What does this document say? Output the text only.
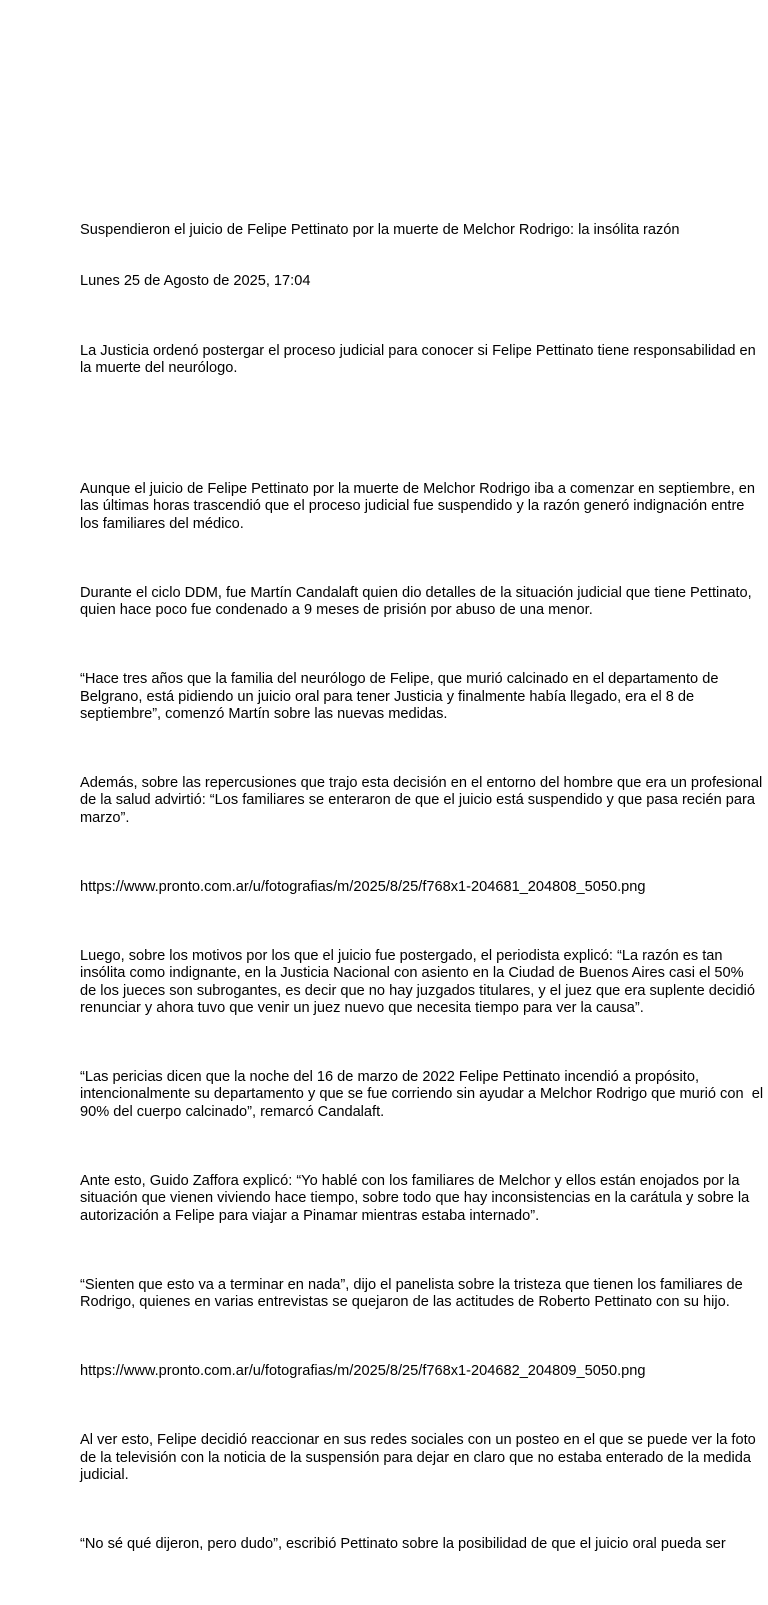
Suspendieron el juicio de Felipe Pettinato por la muerte de Melchor Rodrigo: la insólita razón

Lunes 25 de Agosto de 2025, 17:04

La Justicia ordenó postergar el proceso judicial para conocer si Felipe Pettinato tiene responsabilidad en la muerte del neurólogo.

Aunque el juicio de Felipe Pettinato por la muerte de Melchor Rodrigo iba a comenzar en septiembre, en las últimas horas trascendió que el proceso judicial fue suspendido y la razón generó indignación entre los familiares del médico.

Durante el ciclo DDM, fue Martín Candalaft quien dio detalles de la situación judicial que tiene Pettinato, quien hace poco fue condenado a 9 meses de prisión por abuso de una menor.

“Hace tres años que la familia del neurólogo de Felipe, que murió calcinado en el departamento de Belgrano, está pidiendo un juicio oral para tener Justicia y finalmente había llegado, era el 8 de septiembre”, comenzó Martín sobre las nuevas medidas.

Además, sobre las repercusiones que trajo esta decisión en el entorno del hombre que era un profesional de la salud advirtió: “Los familiares se enteraron de que el juicio está suspendido y que pasa recién para marzo”.

https://www.pronto.com.ar/u/fotografias/m/2025/8/25/f768x1-204681_204808_5050.png

Luego, sobre los motivos por los que el juicio fue postergado, el periodista explicó: “La razón es tan insólita como indignante, en la Justicia Nacional con asiento en la Ciudad de Buenos Aires casi el 50%  de los jueces son subrogantes, es decir que no hay juzgados titulares, y el juez que era suplente decidió renunciar y ahora tuvo que venir un juez nuevo que necesita tiempo para ver la causa”.

“Las pericias dicen que la noche del 16 de marzo de 2022 Felipe Pettinato incendió a propósito, intencionalmente su departamento y que se fue corriendo sin ayudar a Melchor Rodrigo que murió con  el 90% del cuerpo calcinado”, remarcó Candalaft.

Ante esto, Guido Zaffora explicó: “Yo hablé con los familiares de Melchor y ellos están enojados por la situación que vienen viviendo hace tiempo, sobre todo que hay inconsistencias en la carátula y sobre la autorización a Felipe para viajar a Pinamar mientras estaba internado”.

“Sienten que esto va a terminar en nada”, dijo el panelista sobre la tristeza que tienen los familiares de Rodrigo, quienes en varias entrevistas se quejaron de las actitudes de Roberto Pettinato con su hijo.

https://www.pronto.com.ar/u/fotografias/m/2025/8/25/f768x1-204682_204809_5050.png

Al ver esto, Felipe decidió reaccionar en sus redes sociales con un posteo en el que se puede ver la foto de la televisión con la noticia de la suspensión para dejar en claro que no estaba enterado de la medida judicial.

“No sé qué dijeron, pero dudo”, escribió Pettinato sobre la posibilidad de que el juicio oral pueda ser
